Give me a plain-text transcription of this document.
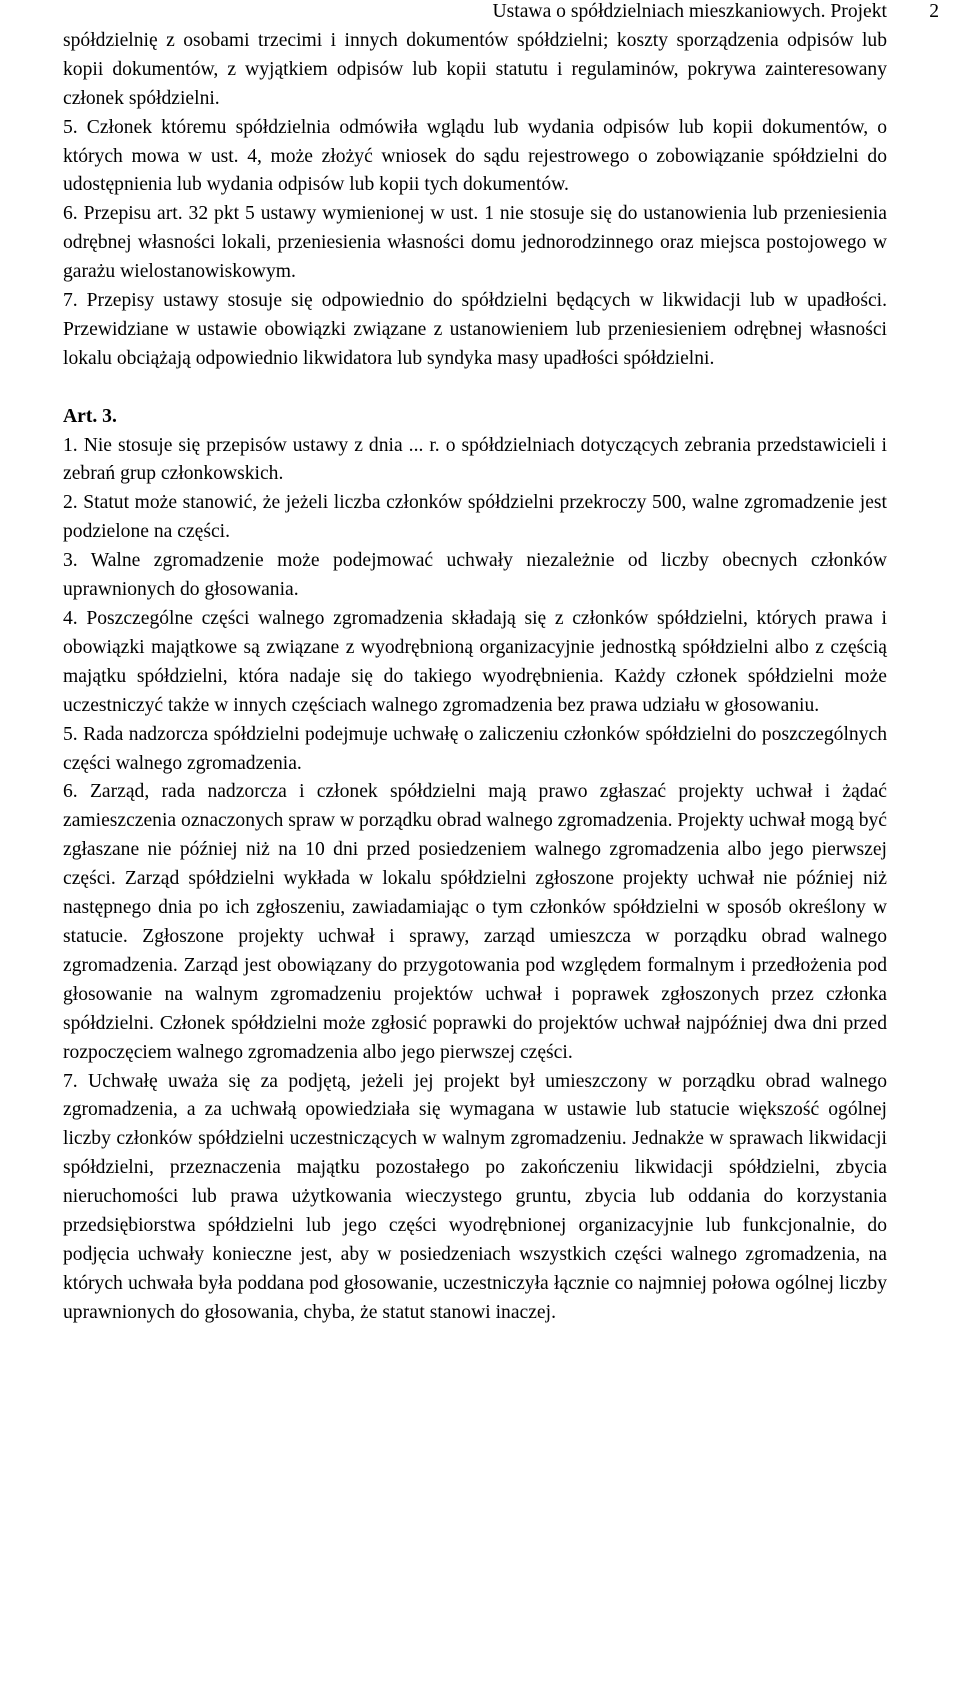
Ustawa o spółdzielniach mieszkaniowych. Projekt	2

spółdzielnię z osobami trzecimi i innych dokumentów spółdzielni; koszty sporządzenia odpisów lub kopii dokumentów, z wyjątkiem odpisów lub kopii statutu i regulaminów, pokrywa zainteresowany członek spółdzielni.

5. Członek któremu spółdzielnia odmówiła wglądu lub wydania odpisów lub kopii dokumentów, o których mowa w ust. 4, może złożyć wniosek do sądu rejestrowego o zobowiązanie spółdzielni do udostępnienia lub wydania odpisów lub kopii tych dokumentów.

6. Przepisu art. 32 pkt 5 ustawy wymienionej w ust. 1 nie stosuje się do ustanowienia lub przeniesienia odrębnej własności lokali, przeniesienia własności domu jednorodzinnego oraz miejsca postojowego w garażu wielostanowiskowym.

7. Przepisy ustawy stosuje się odpowiednio do spółdzielni będących w likwidacji lub w upadłości. Przewidziane w ustawie obowiązki związane z ustanowieniem lub przeniesieniem odrębnej własności lokalu obciążają odpowiednio likwidatora lub syndyka masy upadłości spółdzielni.

Art. 3.

1. Nie stosuje się przepisów ustawy z dnia ... r. o spółdzielniach dotyczących zebrania przedstawicieli i zebrań grup członkowskich.

2. Statut może stanowić, że jeżeli liczba członków spółdzielni przekroczy 500, walne zgromadzenie jest podzielone na części.

3. Walne zgromadzenie może podejmować uchwały niezależnie od liczby obecnych członków uprawnionych do głosowania.

4. Poszczególne części walnego zgromadzenia składają się z członków spółdzielni, których prawa i obowiązki majątkowe są związane z wyodrębnioną organizacyjnie jednostką spółdzielni albo z częścią majątku spółdzielni, która nadaje się do takiego wyodrębnienia. Każdy członek spółdzielni może uczestniczyć także w innych częściach walnego zgromadzenia bez prawa udziału w głosowaniu.

5. Rada nadzorcza spółdzielni podejmuje uchwałę o zaliczeniu członków spółdzielni do poszczególnych części walnego zgromadzenia.

6. Zarząd, rada nadzorcza i członek spółdzielni mają prawo zgłaszać projekty uchwał i żądać zamieszczenia oznaczonych spraw w porządku obrad walnego zgromadzenia. Projekty uchwał mogą być zgłaszane nie później niż na 10 dni przed posiedzeniem walnego zgromadzenia albo jego pierwszej części. Zarząd spółdzielni wykłada w lokalu spółdzielni zgłoszone projekty uchwał nie później niż następnego dnia po ich zgłoszeniu, zawiadamiając o tym członków spółdzielni w sposób określony w statucie. Zgłoszone projekty uchwał i sprawy, zarząd umieszcza w porządku obrad walnego zgromadzenia. Zarząd jest obowiązany do przygotowania pod względem formalnym i przedłożenia pod głosowanie na walnym zgromadzeniu projektów uchwał i poprawek zgłoszonych przez członka spółdzielni. Członek spółdzielni może zgłosić poprawki do projektów uchwał najpóźniej dwa dni przed rozpoczęciem walnego zgromadzenia albo jego pierwszej części.

7. Uchwałę uważa się za podjętą, jeżeli jej projekt był umieszczony w porządku obrad walnego zgromadzenia, a za uchwałą opowiedziała się wymagana w ustawie lub statucie większość ogólnej liczby członków spółdzielni uczestniczących w walnym zgromadzeniu. Jednakże w sprawach likwidacji spółdzielni, przeznaczenia majątku pozostałego po zakończeniu likwidacji spółdzielni, zbycia nieruchomości lub prawa użytkowania wieczystego gruntu, zbycia lub oddania do korzystania przedsiębiorstwa spółdzielni lub jego części wyodrębnionej organizacyjnie lub funkcjonalnie, do podjęcia uchwały konieczne jest, aby w posiedzeniach wszystkich części walnego zgromadzenia, na których uchwała była poddana pod głosowanie, uczestniczyła łącznie co najmniej połowa ogólnej liczby uprawnionych do głosowania, chyba, że statut stanowi inaczej.
